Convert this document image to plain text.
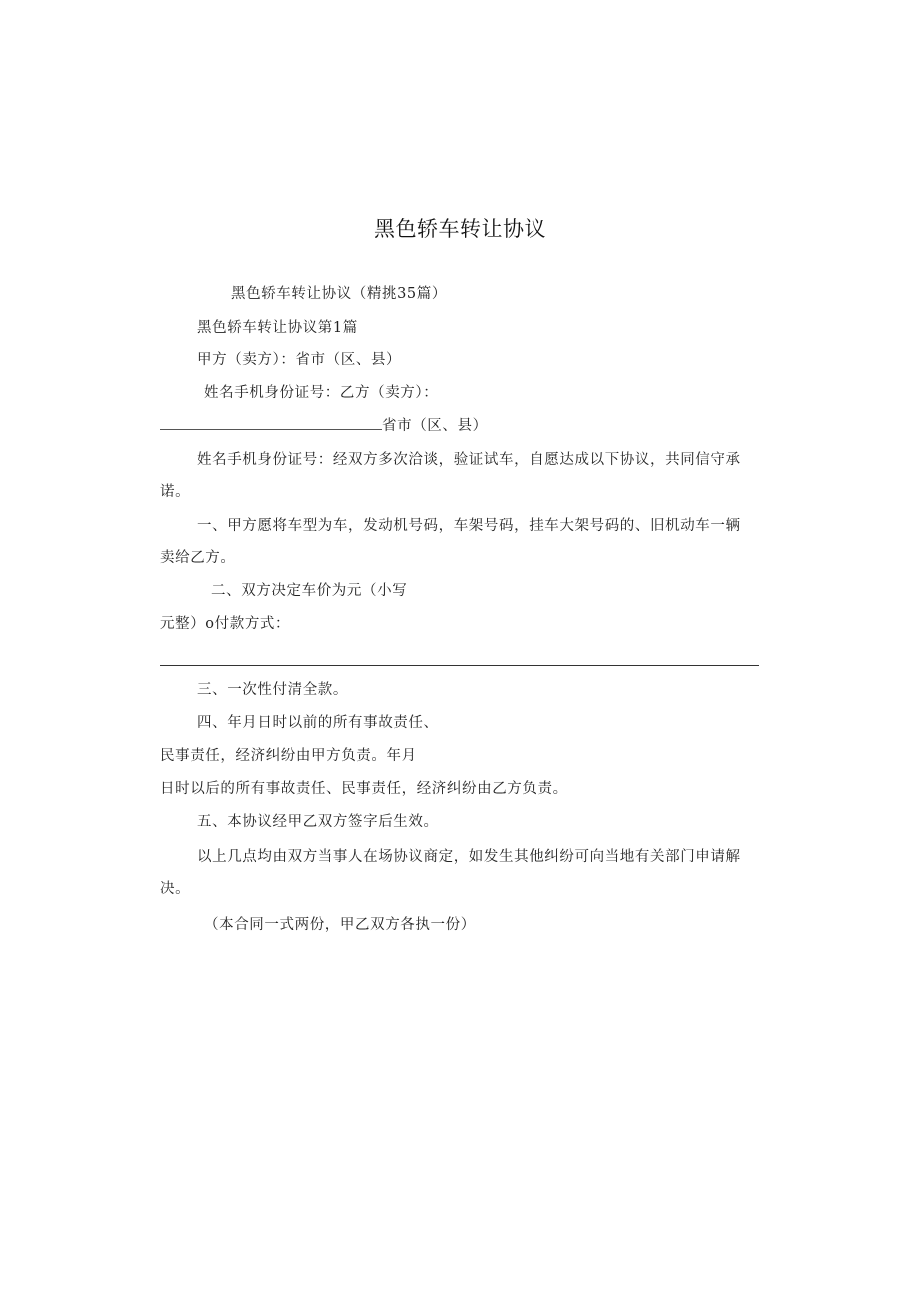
黑色轿车转让协议
黑色轿车转让协议（精挑35篇）
黑色轿车转让协议第1篇
甲方（卖方）：省市（区、县）
姓名手机身份证号：乙方（卖方）：
省市（区、县）
姓名手机身份证号：经双方多次洽谈，验证试车，自愿达成以下协议，共同信守承
诺。
一、甲方愿将车型为车，发动机号码，车架号码，挂车大架号码的、旧机动车一辆
卖给乙方。
二、双方决定车价为元（小写
元整）o付款方式：
三、一次性付清全款。
四、年月日时以前的所有事故责任、
民事责任，经济纠纷由甲方负责。年月
日时以后的所有事故责任、民事责任，经济纠纷由乙方负责。
五、本协议经甲乙双方签字后生效。
以上几点均由双方当事人在场协议商定，如发生其他纠纷可向当地有关部门申请解
决。
（本合同一式两份，甲乙双方各执一份）
